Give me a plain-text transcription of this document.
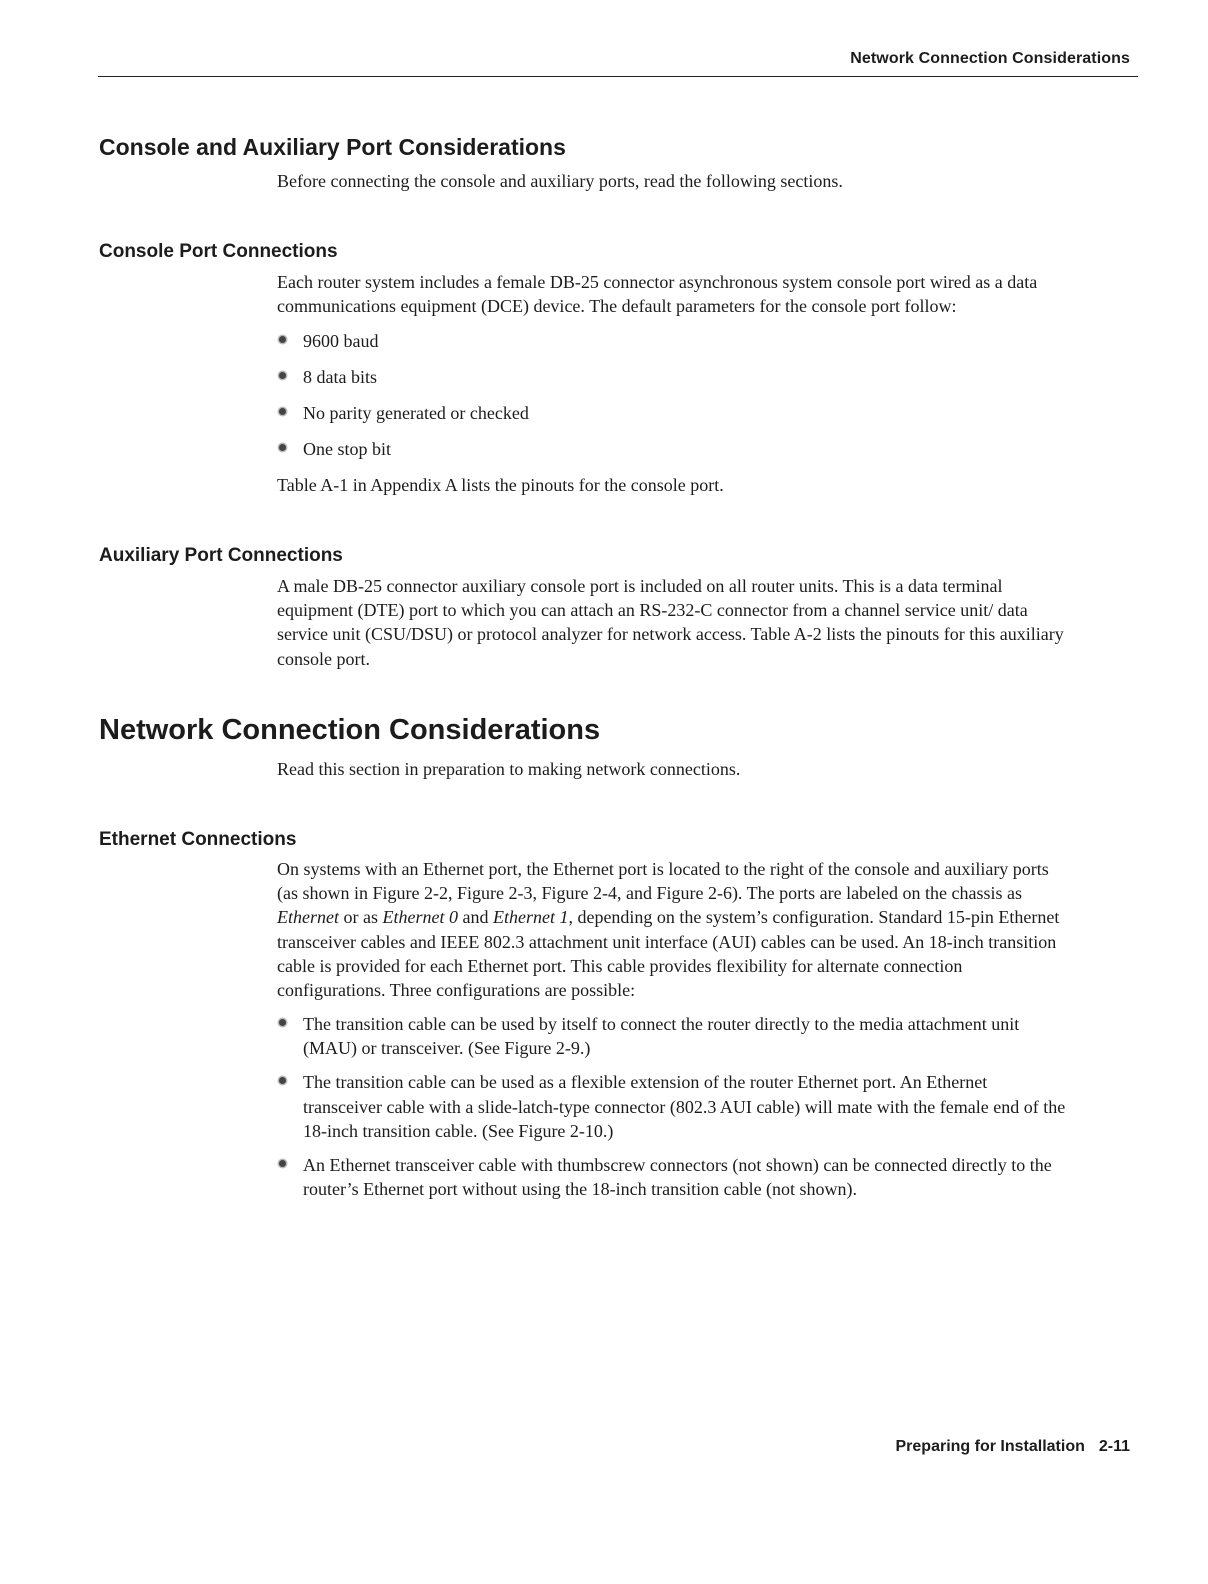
Network Connection Considerations
Console and Auxiliary Port Considerations
Before connecting the console and auxiliary ports, read the following sections.
Console Port Connections
Each router system includes a female DB-25 connector asynchronous system console port wired as a data communications equipment (DCE) device. The default parameters for the console port follow:
9600 baud
8 data bits
No parity generated or checked
One stop bit
Table A-1 in Appendix A lists the pinouts for the console port.
Auxiliary Port Connections
A male DB-25 connector auxiliary console port is included on all router units. This is a data terminal equipment (DTE) port to which you can attach an RS-232-C connector from a channel service unit/ data service unit (CSU/DSU) or protocol analyzer for network access. Table A-2 lists the pinouts for this auxiliary console port.
Network Connection Considerations
Read this section in preparation to making network connections.
Ethernet Connections

On systems with an Ethernet port, the Ethernet port is located to the right of the console and auxiliary ports (as shown in Figure 2-2, Figure 2-3, Figure 2-4, and Figure 2-6). The ports are labeled on the chassis as Ethernet or as Ethernet 0 and Ethernet 1, depending on the system’s configuration. Standard 15-pin Ethernet transceiver cables and IEEE 802.3 attachment unit interface (AUI) cables can be used. An 18-inch transition cable is provided for each Ethernet port. This cable provides flexibility for alternate connection configurations. Three configurations are possible:

The transition cable can be used by itself to connect the router directly to the media attachment unit (MAU) or transceiver. (See Figure 2-9.)
The transition cable can be used as a flexible extension of the router Ethernet port. An Ethernet transceiver cable with a slide-latch-type connector (802.3 AUI cable) will mate with the female end of the 18-inch transition cable. (See Figure 2-10.)
An Ethernet transceiver cable with thumbscrew connectors (not shown) can be connected directly to the router’s Ethernet port without using the 18-inch transition cable (not shown).
Preparing for Installation 2-11
